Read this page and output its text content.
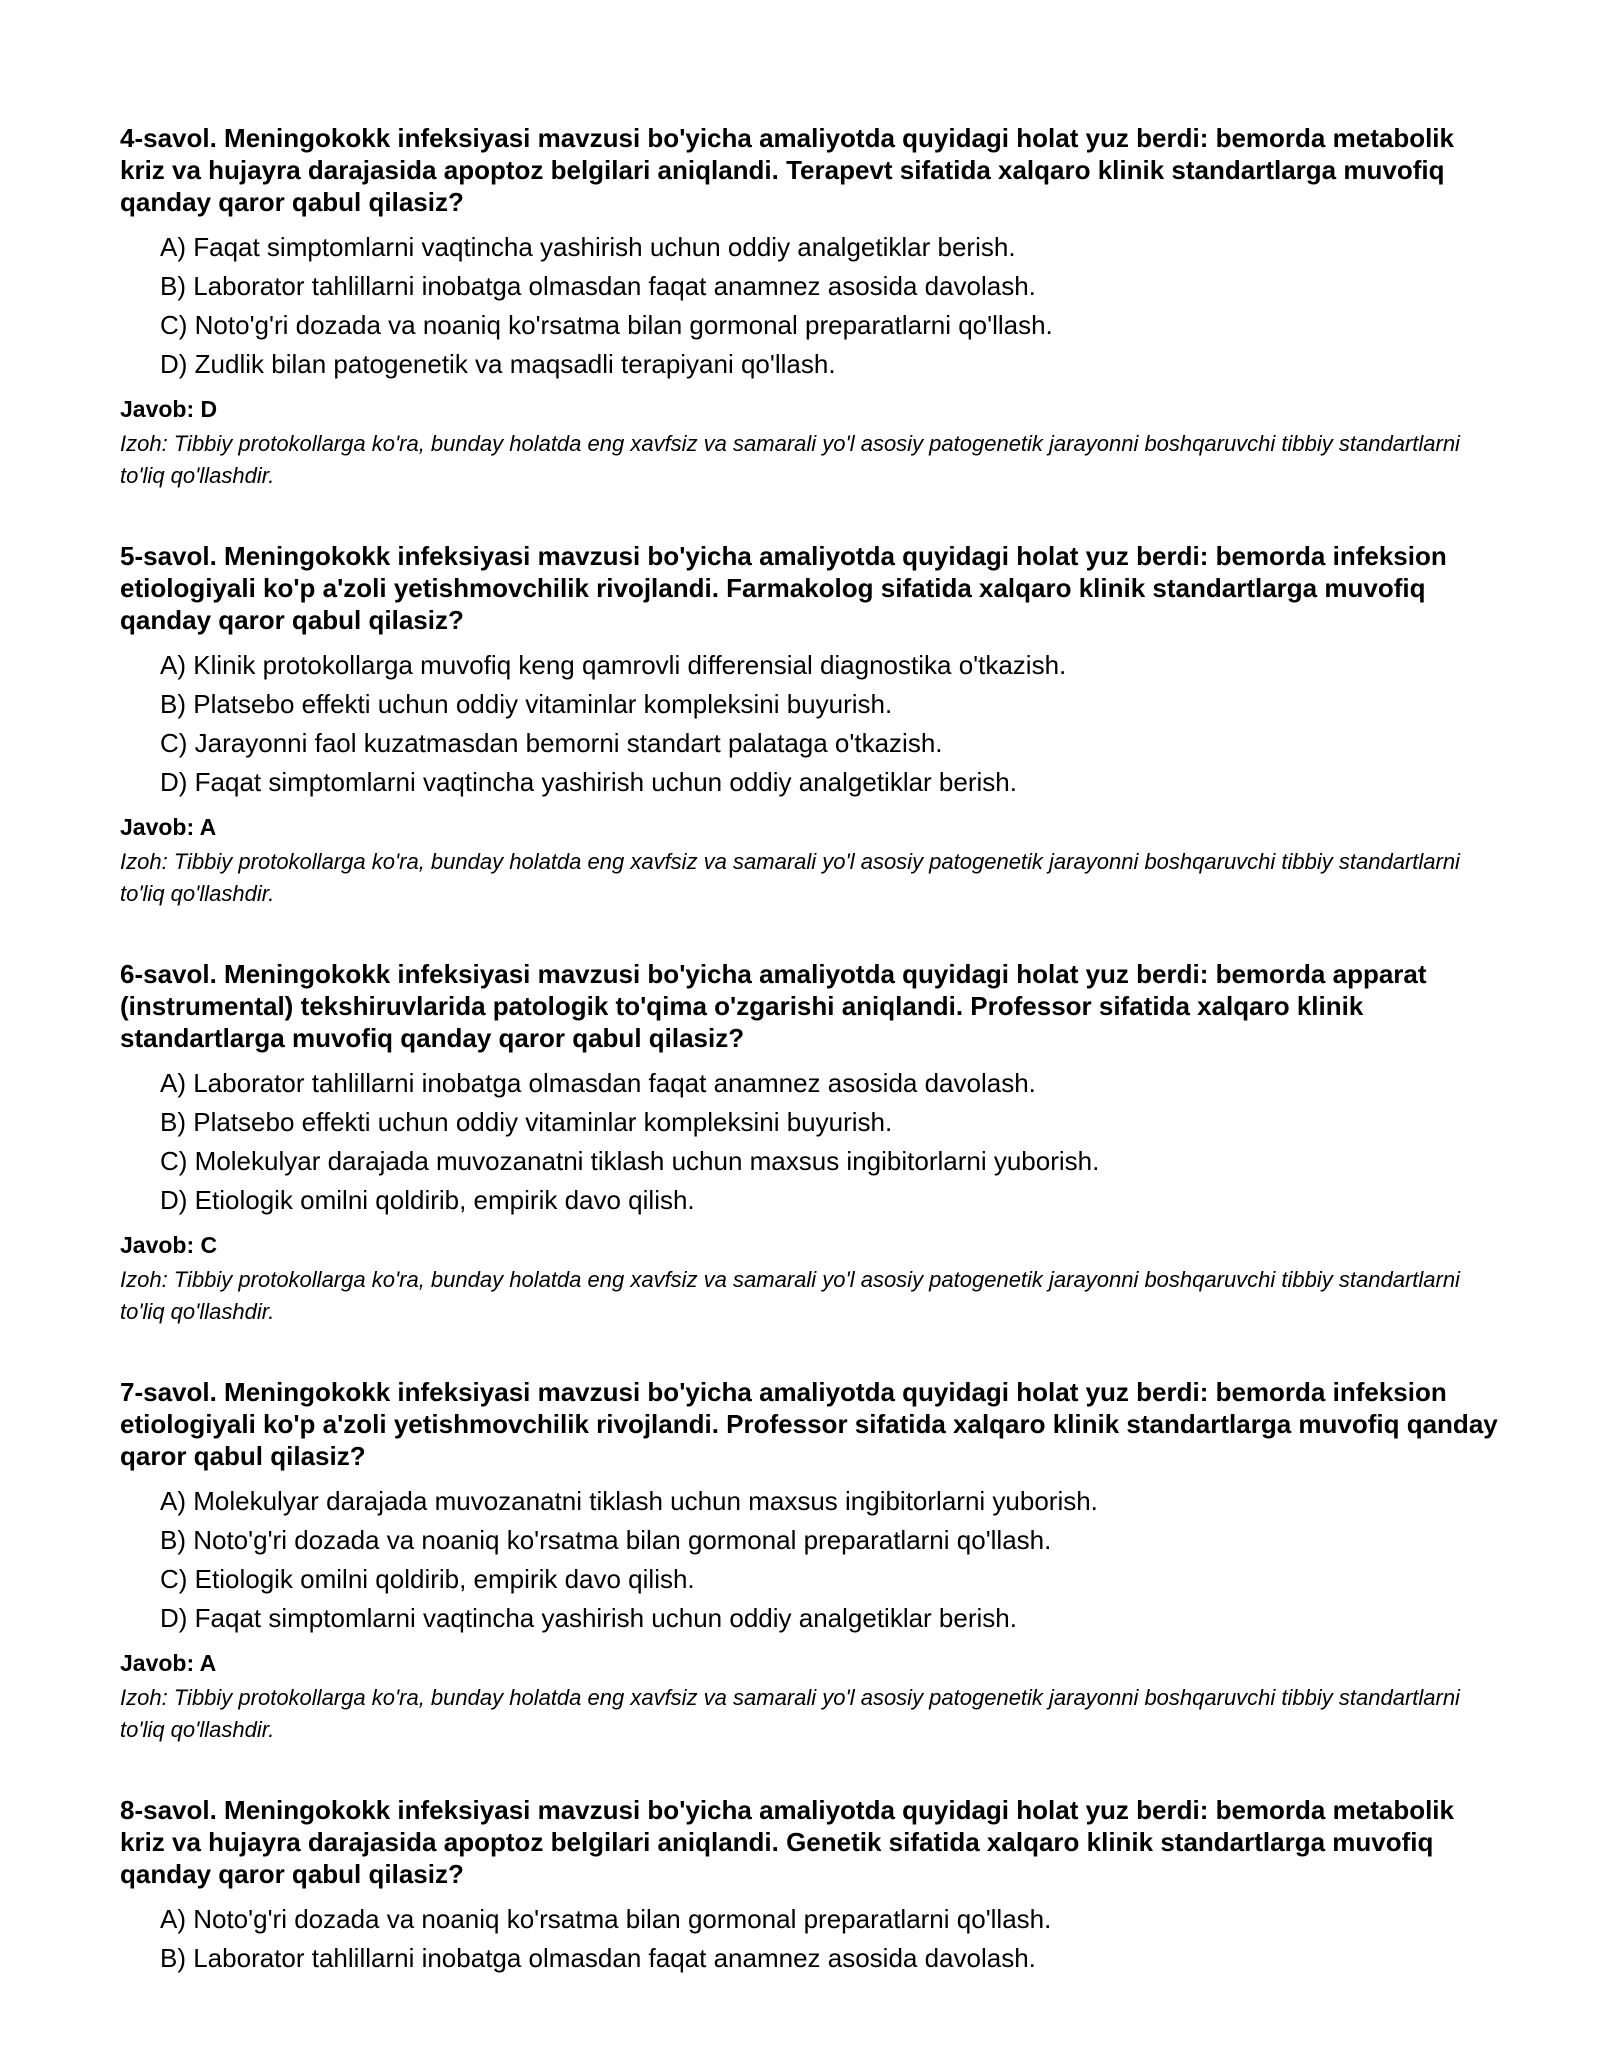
4-savol. Meningokokk infeksiyasi mavzusi bo'yicha amaliyotda quyidagi holat yuz berdi: bemorda metabolik kriz va hujayra darajasida apoptoz belgilari aniqlandi. Terapevt sifatida xalqaro klinik standartlarga muvofiq qanday qaror qabul qilasiz?

A) Faqat simptomlarni vaqtincha yashirish uchun oddiy analgetiklar berish.
B) Laborator tahlillarni inobatga olmasdan faqat anamnez asosida davolash.
C) Noto'g'ri dozada va noaniq ko'rsatma bilan gormonal preparatlarni qo'llash.
D) Zudlik bilan patogenetik va maqsadli terapiyani qo'llash.

Javob: D

Izoh: Tibbiy protokollarga ko'ra, bunday holatda eng xavfsiz va samarali yo'l asosiy patogenetik jarayonni boshqaruvchi tibbiy standartlarni to'liq qo'llashdir.

5-savol. Meningokokk infeksiyasi mavzusi bo'yicha amaliyotda quyidagi holat yuz berdi: bemorda infeksion etiologiyali ko'p a'zoli yetishmovchilik rivojlandi. Farmakolog sifatida xalqaro klinik standartlarga muvofiq qanday qaror qabul qilasiz?

A) Klinik protokollarga muvofiq keng qamrovli differensial diagnostika o'tkazish.
B) Platsebo effekti uchun oddiy vitaminlar kompleksini buyurish.
C) Jarayonni faol kuzatmasdan bemorni standart palataga o'tkazish.
D) Faqat simptomlarni vaqtincha yashirish uchun oddiy analgetiklar berish.

Javob: A

Izoh: Tibbiy protokollarga ko'ra, bunday holatda eng xavfsiz va samarali yo'l asosiy patogenetik jarayonni boshqaruvchi tibbiy standartlarni to'liq qo'llashdir.

6-savol. Meningokokk infeksiyasi mavzusi bo'yicha amaliyotda quyidagi holat yuz berdi: bemorda apparat (instrumental) tekshiruvlarida patologik to'qima o'zgarishi aniqlandi. Professor sifatida xalqaro klinik standartlarga muvofiq qanday qaror qabul qilasiz?

A) Laborator tahlillarni inobatga olmasdan faqat anamnez asosida davolash.
B) Platsebo effekti uchun oddiy vitaminlar kompleksini buyurish.
C) Molekulyar darajada muvozanatni tiklash uchun maxsus ingibitorlarni yuborish.
D) Etiologik omilni qoldirib, empirik davo qilish.

Javob: C

Izoh: Tibbiy protokollarga ko'ra, bunday holatda eng xavfsiz va samarali yo'l asosiy patogenetik jarayonni boshqaruvchi tibbiy standartlarni to'liq qo'llashdir.

7-savol. Meningokokk infeksiyasi mavzusi bo'yicha amaliyotda quyidagi holat yuz berdi: bemorda infeksion etiologiyali ko'p a'zoli yetishmovchilik rivojlandi. Professor sifatida xalqaro klinik standartlarga muvofiq qanday qaror qabul qilasiz?

A) Molekulyar darajada muvozanatni tiklash uchun maxsus ingibitorlarni yuborish.
B) Noto'g'ri dozada va noaniq ko'rsatma bilan gormonal preparatlarni qo'llash.
C) Etiologik omilni qoldirib, empirik davo qilish.
D) Faqat simptomlarni vaqtincha yashirish uchun oddiy analgetiklar berish.

Javob: A

Izoh: Tibbiy protokollarga ko'ra, bunday holatda eng xavfsiz va samarali yo'l asosiy patogenetik jarayonni boshqaruvchi tibbiy standartlarni to'liq qo'llashdir.

8-savol. Meningokokk infeksiyasi mavzusi bo'yicha amaliyotda quyidagi holat yuz berdi: bemorda metabolik kriz va hujayra darajasida apoptoz belgilari aniqlandi. Genetik sifatida xalqaro klinik standartlarga muvofiq qanday qaror qabul qilasiz?

A) Noto'g'ri dozada va noaniq ko'rsatma bilan gormonal preparatlarni qo'llash.
B) Laborator tahlillarni inobatga olmasdan faqat anamnez asosida davolash.
